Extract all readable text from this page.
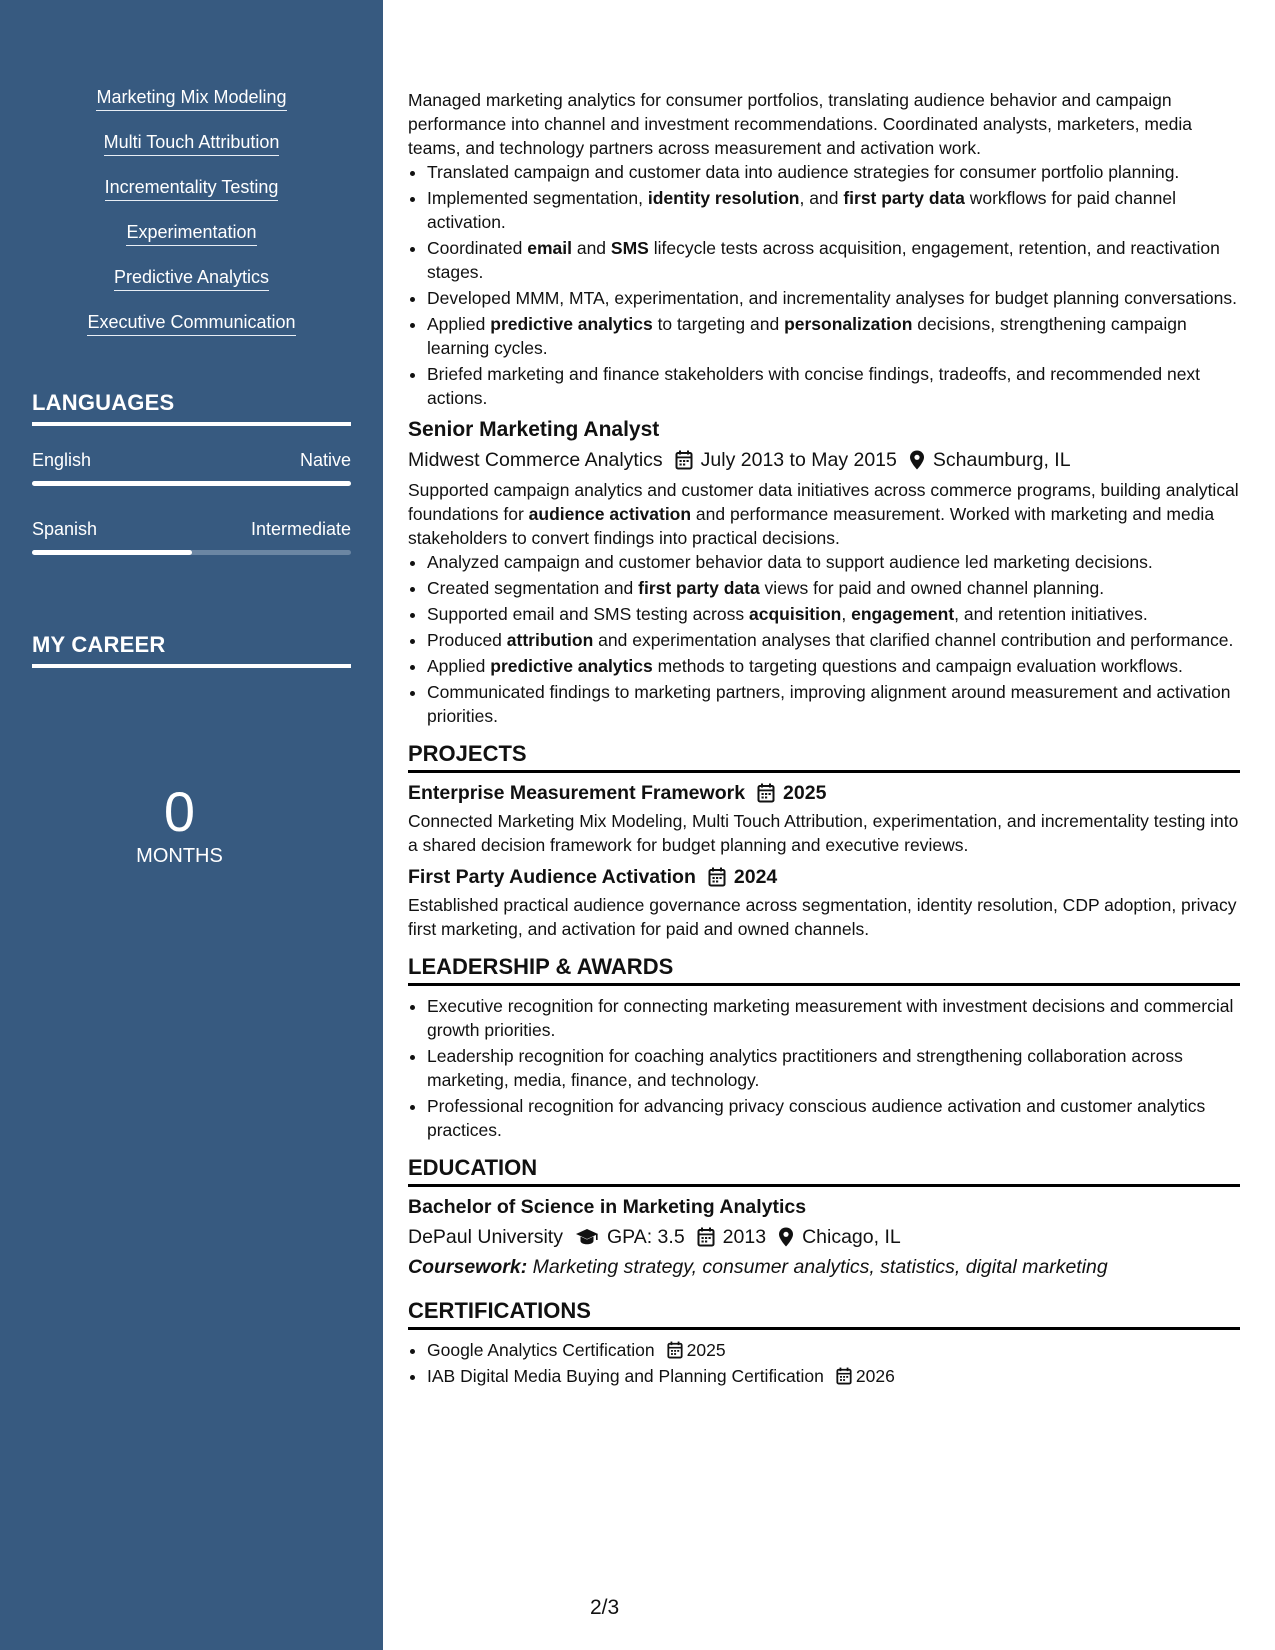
Marketing Mix Modeling
Multi Touch Attribution
Incrementality Testing
Experimentation
Predictive Analytics
Executive Communication
LANGUAGES
English	Native
Spanish	Intermediate
MY CAREER
0
MONTHS

Managed marketing analytics for consumer portfolios, translating audience behavior and campaign performance into channel and investment recommendations. Coordinated analysts, marketers, media teams, and technology partners across measurement and activation work.

• Translated campaign and customer data into audience strategies for consumer portfolio planning.
• Implemented segmentation, identity resolution, and first party data workflows for paid channel activation.
• Coordinated email and SMS lifecycle tests across acquisition, engagement, retention, and reactivation stages.
• Developed MMM, MTA, experimentation, and incrementality analyses for budget planning conversations.
• Applied predictive analytics to targeting and personalization decisions, strengthening campaign learning cycles.
• Briefed marketing and finance stakeholders with concise findings, tradeoffs, and recommended next actions.
Senior Marketing Analyst
Midwest Commerce Analytics July 2013 to May 2015 Schaumburg, IL

Supported campaign analytics and customer data initiatives across commerce programs, building analytical foundations for audience activation and performance measurement. Worked with marketing and media stakeholders to convert findings into practical decisions.

• Analyzed campaign and customer behavior data to support audience led marketing decisions.
• Created segmentation and first party data views for paid and owned channel planning.
• Supported email and SMS testing across acquisition, engagement, and retention initiatives.
• Produced attribution and experimentation analyses that clarified channel contribution and performance.
• Applied predictive analytics methods to targeting questions and campaign evaluation workflows.
• Communicated findings to marketing partners, improving alignment around measurement and activation priorities.
PROJECTS
Enterprise Measurement Framework 2025

Connected Marketing Mix Modeling, Multi Touch Attribution, experimentation, and incrementality testing into a shared decision framework for budget planning and executive reviews.

First Party Audience Activation 2024

Established practical audience governance across segmentation, identity resolution, CDP adoption, privacy first marketing, and activation for paid and owned channels.

LEADERSHIP & AWARDS
• Executive recognition for connecting marketing measurement with investment decisions and commercial growth priorities.
• Leadership recognition for coaching analytics practitioners and strengthening collaboration across marketing, media, finance, and technology.
• Professional recognition for advancing privacy conscious audience activation and customer analytics practices.
EDUCATION
Bachelor of Science in Marketing Analytics
DePaul University GPA: 3.5 2013 Chicago, IL
Coursework: Marketing strategy, consumer analytics, statistics, digital marketing
CERTIFICATIONS
• Google Analytics Certification 2025
• IAB Digital Media Buying and Planning Certification 2026
2/3
